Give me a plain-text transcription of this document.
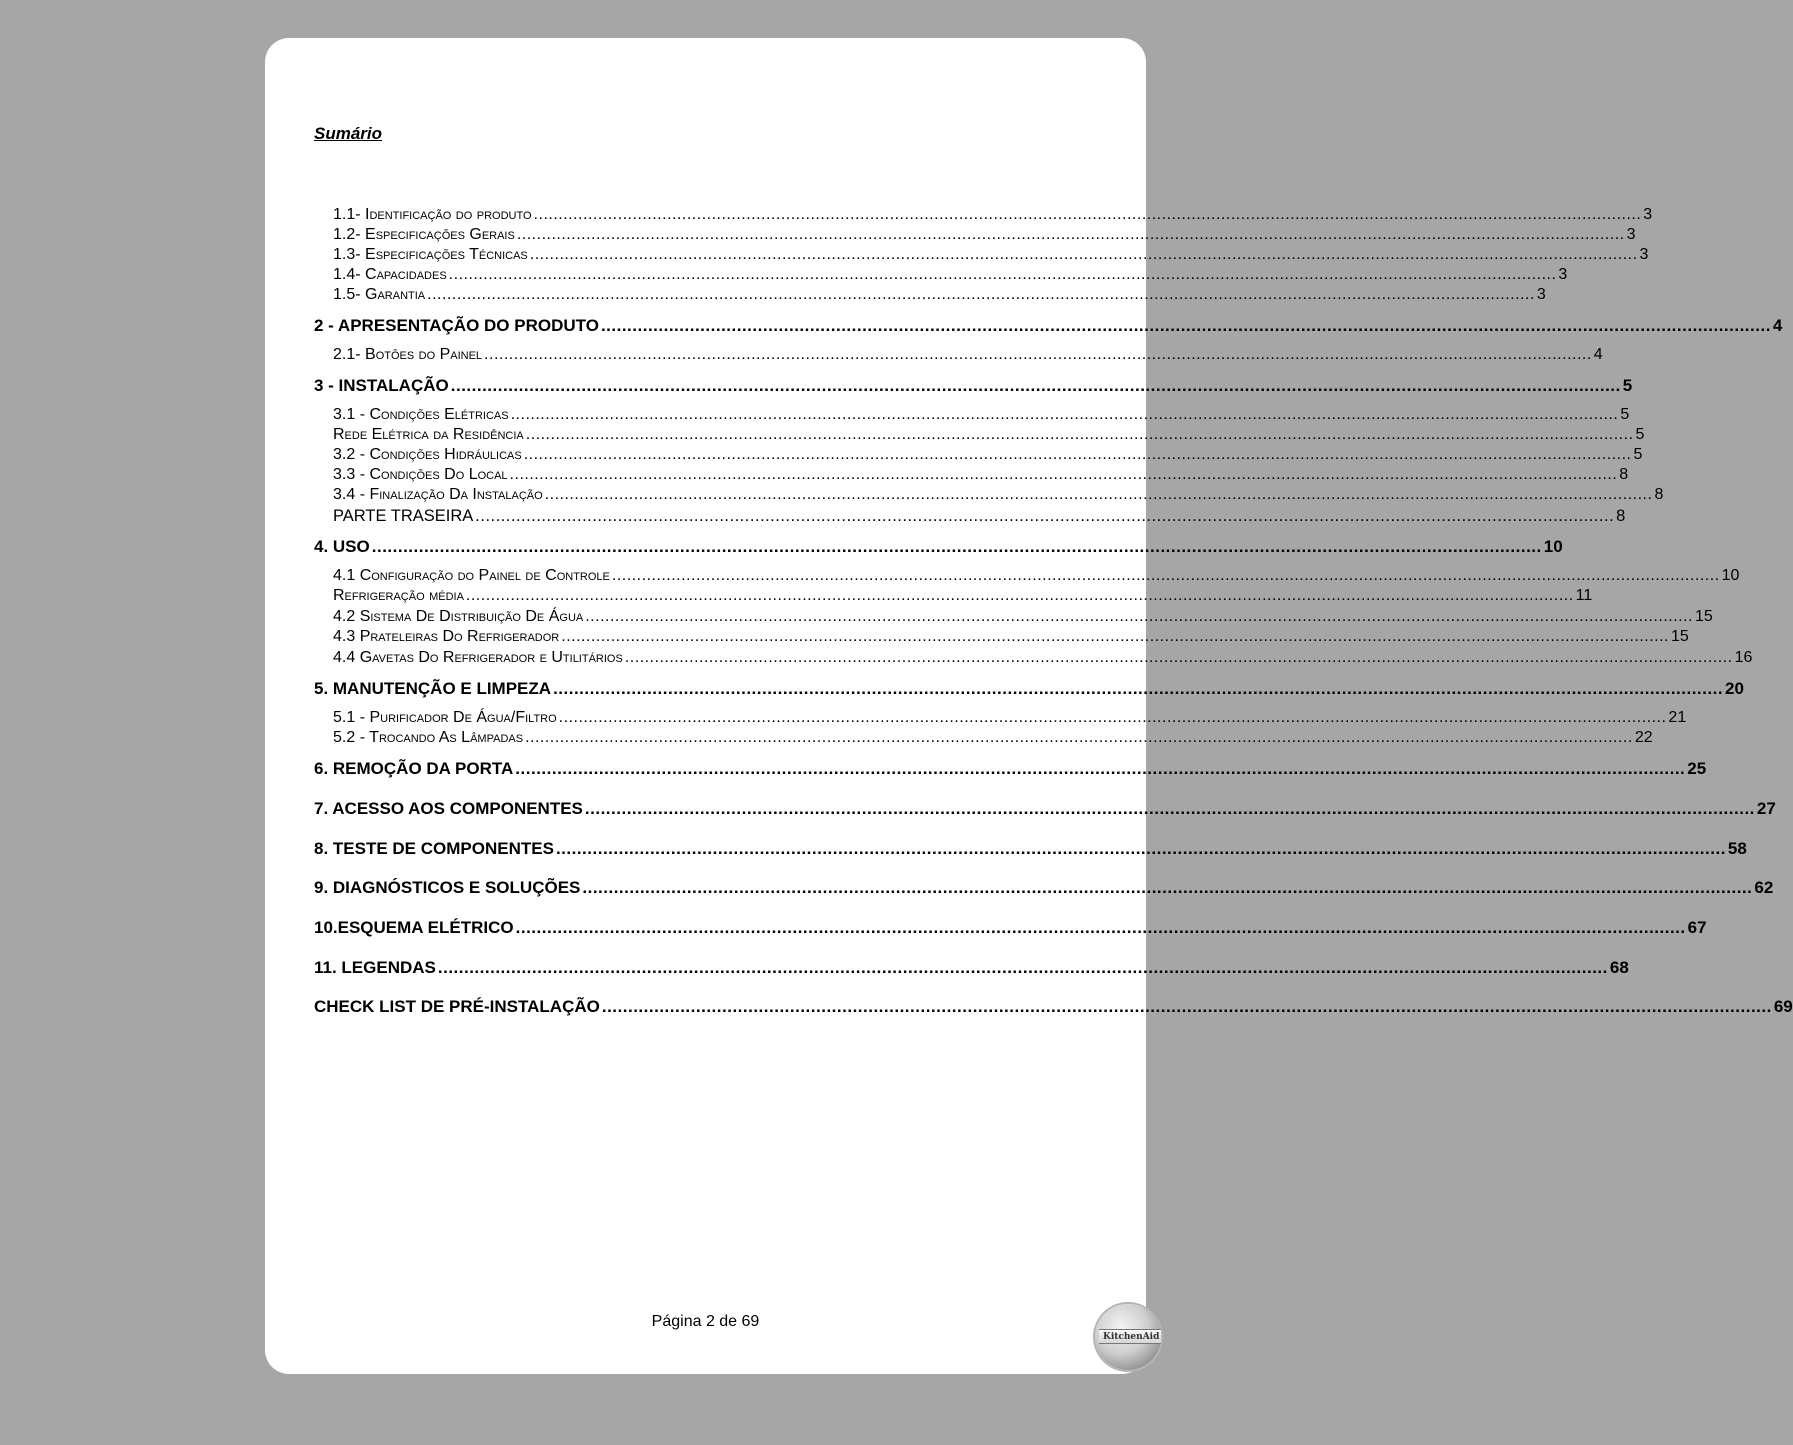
Sumário
1.1- Identificação do produto .....	3
1.2- Especificações Gerais .....	3
1.3- Especificações Técnicas .....	3
1.4- Capacidades .....	3
1.5- Garantia .....	3
2 - APRESENTAÇÃO DO PRODUTO .....	4
2.1- Botões do Painel .....	4
3 - INSTALAÇÃO .....	5
3.1 - Condições Elétricas .....	5
Rede Elétrica da Residência .....	5
3.2 - Condições Hidráulicas .....	5
3.3 - Condições Do Local .....	8
3.4 - Finalização Da Instalação .....	8
PARTE TRASEIRA .....	8
4. USO .....	10
4.1 Configuração do Painel de Controle .....	10
Refrigeração média .....	11
4.2 Sistema De Distribuição De Água .....	15
4.3 Prateleiras Do Refrigerador .....	15
4.4 Gavetas Do Refrigerador e Utilitários .....	16
5. MANUTENÇÃO E LIMPEZA .....	20
5.1 - Purificador De Água/Filtro .....	21
5.2 - Trocando As Lâmpadas .....	22
6. REMOÇÃO DA PORTA .....	25
7. ACESSO AOS COMPONENTES .....	27
8. TESTE DE COMPONENTES .....	58
9. DIAGNÓSTICOS E SOLUÇÕES .....	62
10.ESQUEMA ELÉTRICO .....	67
11. LEGENDAS .....	68
CHECK LIST DE PRÉ-INSTALAÇÃO .....	69
Página 2 de 69
KitchenAid
